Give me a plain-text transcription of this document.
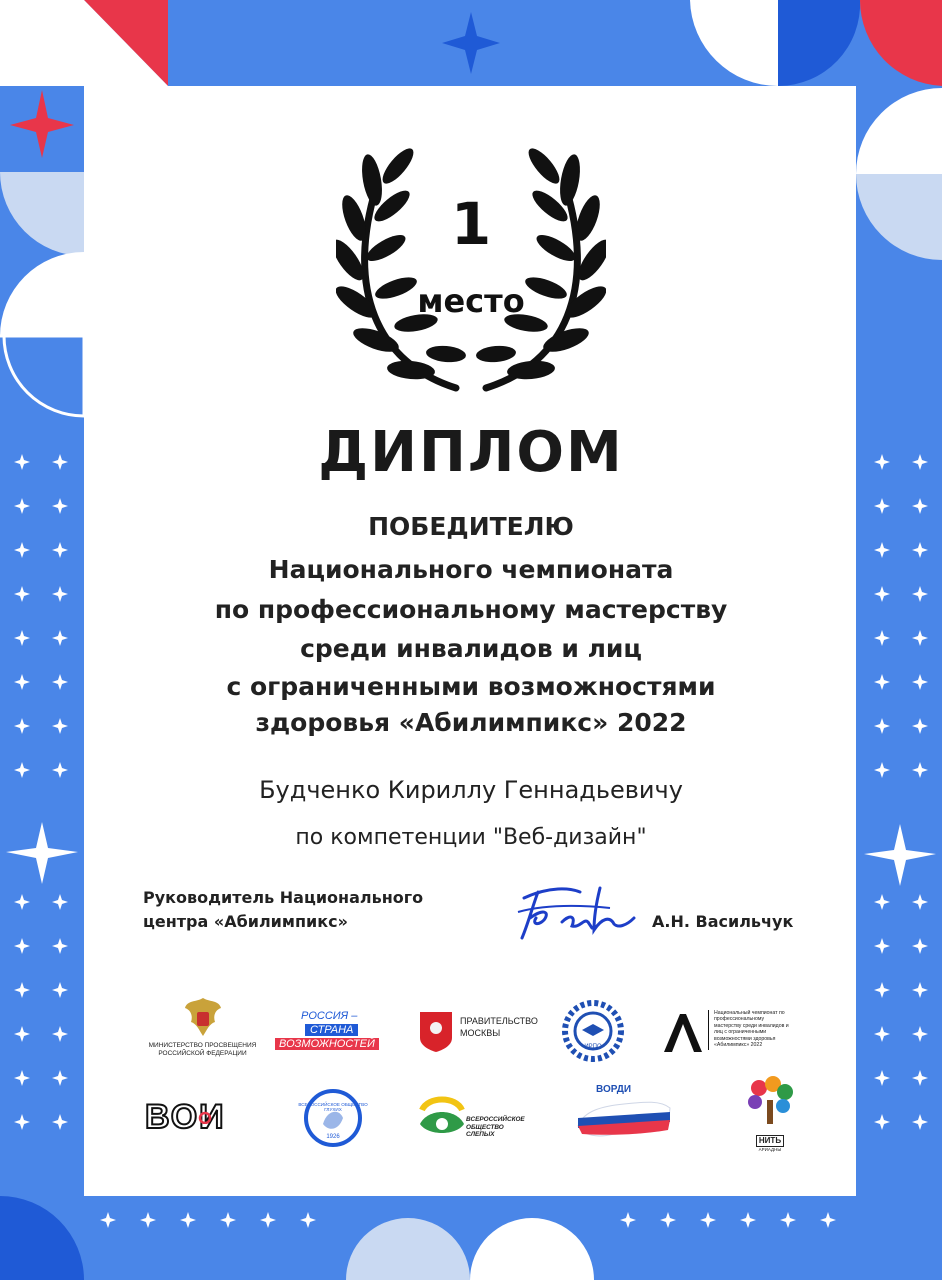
1
место
ДИПЛОМ
ПОБЕДИТЕЛЮ
Национального чемпионата
по профессиональному мастерству
среди инвалидов и лиц
с ограниченными возможностями
здоровья «Абилимпикс» 2022
Будченко Кириллу Геннадьевичу
по компетенции "Веб-дизайн"
Руководитель Национального
центра «Абилимпикс»	А.Н. Васильчук
МИНИСТЕРСТВО ПРОСВЕЩЕНИЯ РОССИЙСКОЙ ФЕДЕРАЦИИ
РОССИЯ –
СТРАНА
ВОЗМОЖНОСТЕЙ
ПРАВИТЕЛЬСТВО
МОСКВЫ
ИРПО
Национальный чемпионат по профессиональному мастерству среди инвалидов и лиц с ограниченными возможностями здоровья «Абилимпикс» 2022
ВОИ	ВСЕРОССИЙСКОЕ ОБЩЕСТВО ГЛУХИХ
1926
ВСЕРОССИЙСКОЕ ОБЩЕСТВО СЛЕПЫХ
ВОРДИ
НИТЬ
АРИАДНЫ
